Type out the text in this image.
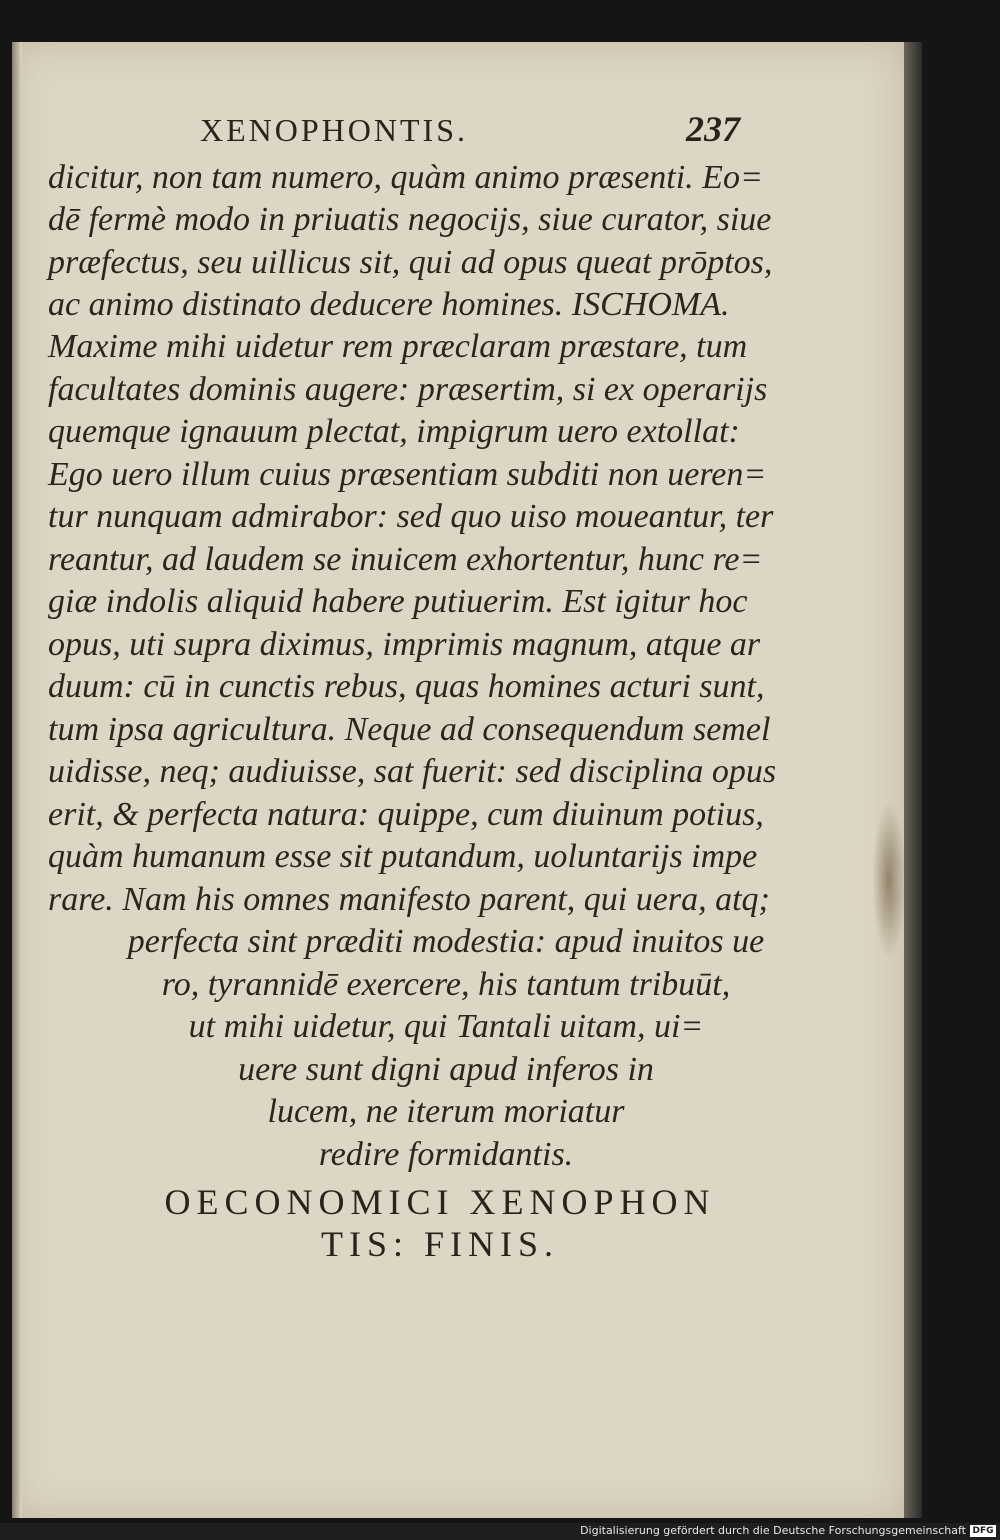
XENOPHONTIS.	237
dicitur, non tam numero, quàm animo præsenti. Eo=
dē fermè modo in priuatis negocijs, siue curator, siue
præfectus, seu uillicus sit, qui ad opus queat prōptos,
ac animo distinato deducere homines. ISCHOMA.
Maxime mihi uidetur rem præclaram præstare, tum
facultates dominis augere: præsertim, si ex operarijs
quemque ignauum plectat, impigrum uero extollat:
Ego uero illum cuius præsentiam subditi non ueren=
tur nunquam admirabor: sed quo uiso moueantur, ter
reantur, ad laudem se inuicem exhortentur, hunc re=
giæ indolis aliquid habere putiuerim. Est igitur hoc
opus, uti supra diximus, imprimis magnum, atque ar
duum: cū in cunctis rebus, quas homines acturi sunt,
tum ipsa agricultura. Neque ad consequendum semel
uidisse, neq; audiuisse, sat fuerit: sed disciplina opus
erit, & perfecta natura: quippe, cum diuinum potius,
quàm humanum esse sit putandum, uoluntarijs impe
rare. Nam his omnes manifesto parent, qui uera, atq;
perfecta sint præditi modestia: apud inuitos ue
ro, tyrannidē exercere, his tantum tribuūt,
ut mihi uidetur, qui Tantali uitam, ui=
uere sunt digni apud inferos in
lucem, ne iterum moriatur
redire formidantis.
OECONOMICI XENOPHON
TIS: FINIS.
Digitalisierung gefördert durch die Deutsche Forschungsgemeinschaft DFG
